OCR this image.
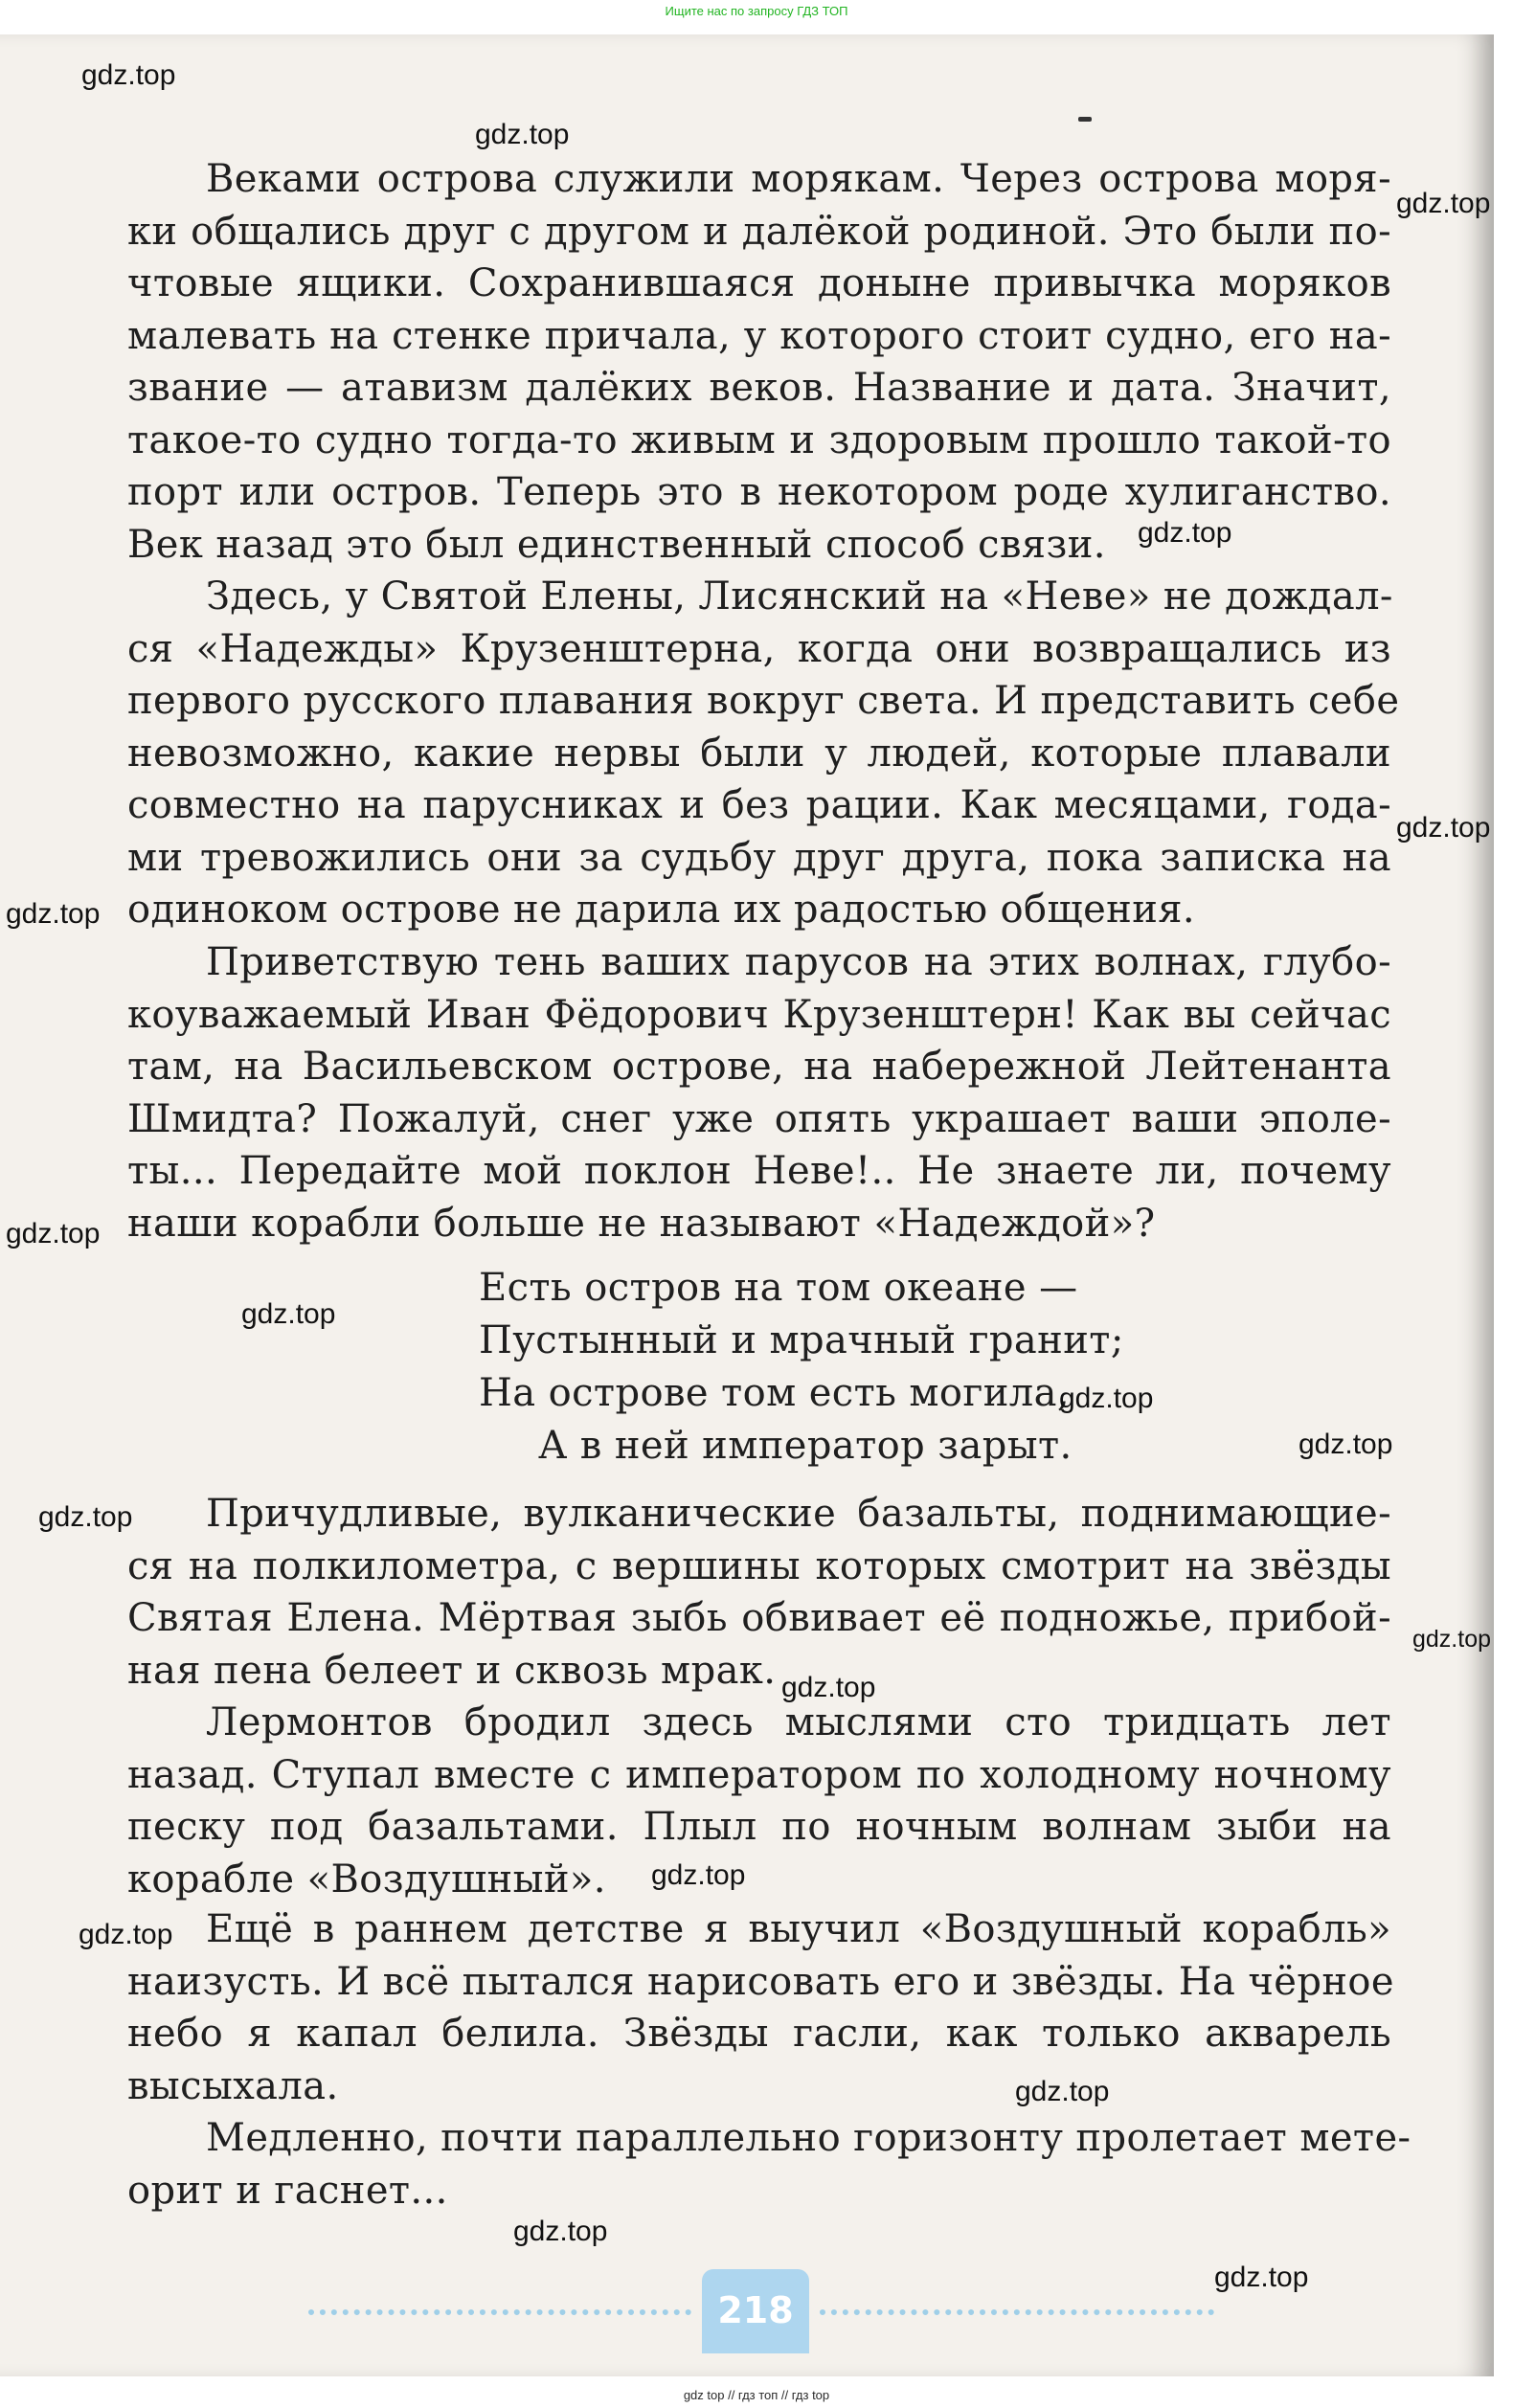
Ищите нас по запросу ГДЗ ТОП
Веками острова служили морякам. Через острова моря-
ки общались друг с другом и далёкой родиной. Это были по-
чтовые ящики. Сохранившаяся доныне привычка моряков
малевать на стенке причала, у которого стоит судно, его на-
звание — атавизм далёких веков. Название и дата. Значит,
такое-то судно тогда-то живым и здоровым прошло такой-то
порт или остров. Теперь это в некотором роде хулиганство.
Век назад это был единственный способ связи.
Здесь, у Святой Елены, Лисянский на «Неве» не дождал-
ся «Надежды» Крузенштерна, когда они возвращались из
первого русского плавания вокруг света. И представить себе
невозможно, какие нервы были у людей, которые плавали
совместно на парусниках и без рации. Как месяцами, года-
ми тревожились они за судьбу друг друга, пока записка на
одиноком острове не дарила их радостью общения.
Приветствую тень ваших парусов на этих волнах, глубо-
коуважаемый Иван Фёдорович Крузенштерн! Как вы сейчас
там, на Васильевском острове, на набережной Лейтенанта
Шмидта? Пожалуй, снег уже опять украшает ваши эполе-
ты... Передайте мой поклон Неве!.. Не знаете ли, почему
наши корабли больше не называют «Надеждой»?
Есть остров на том океане —
Пустынный и мрачный гранит;
На острове том есть могила,
А в ней император зарыт.
Причудливые, вулканические базальты, поднимающие-
ся на полкилометра, с вершины которых смотрит на звёзды
Святая Елена. Мёртвая зыбь обвивает её подножье, прибой-
ная пена белеет и сквозь мрак.
Лермонтов бродил здесь мыслями сто тридцать лет
назад. Ступал вместе с императором по холодному ночному
песку под базальтами. Плыл по ночным волнам зыби на
корабле «Воздушный».
Ещё в раннем детстве я выучил «Воздушный корабль»
наизусть. И всё пытался нарисовать его и звёзды. На чёрное
небо я капал белила. Звёзды гасли, как только акварель
высыхала.
Медленно, почти параллельно горизонту пролетает мете-
орит и гаснет...
gdz.top
gdz.top
gdz.top
gdz.top
gdz.top
gdz.top
gdz.top
gdz.top
gdz.top
gdz.top
gdz.top
gdz.top
gdz.top
gdz.top
gdz.top
gdz.top
gdz.top
gdz.top
218
gdz top // гдз топ // гдз top
